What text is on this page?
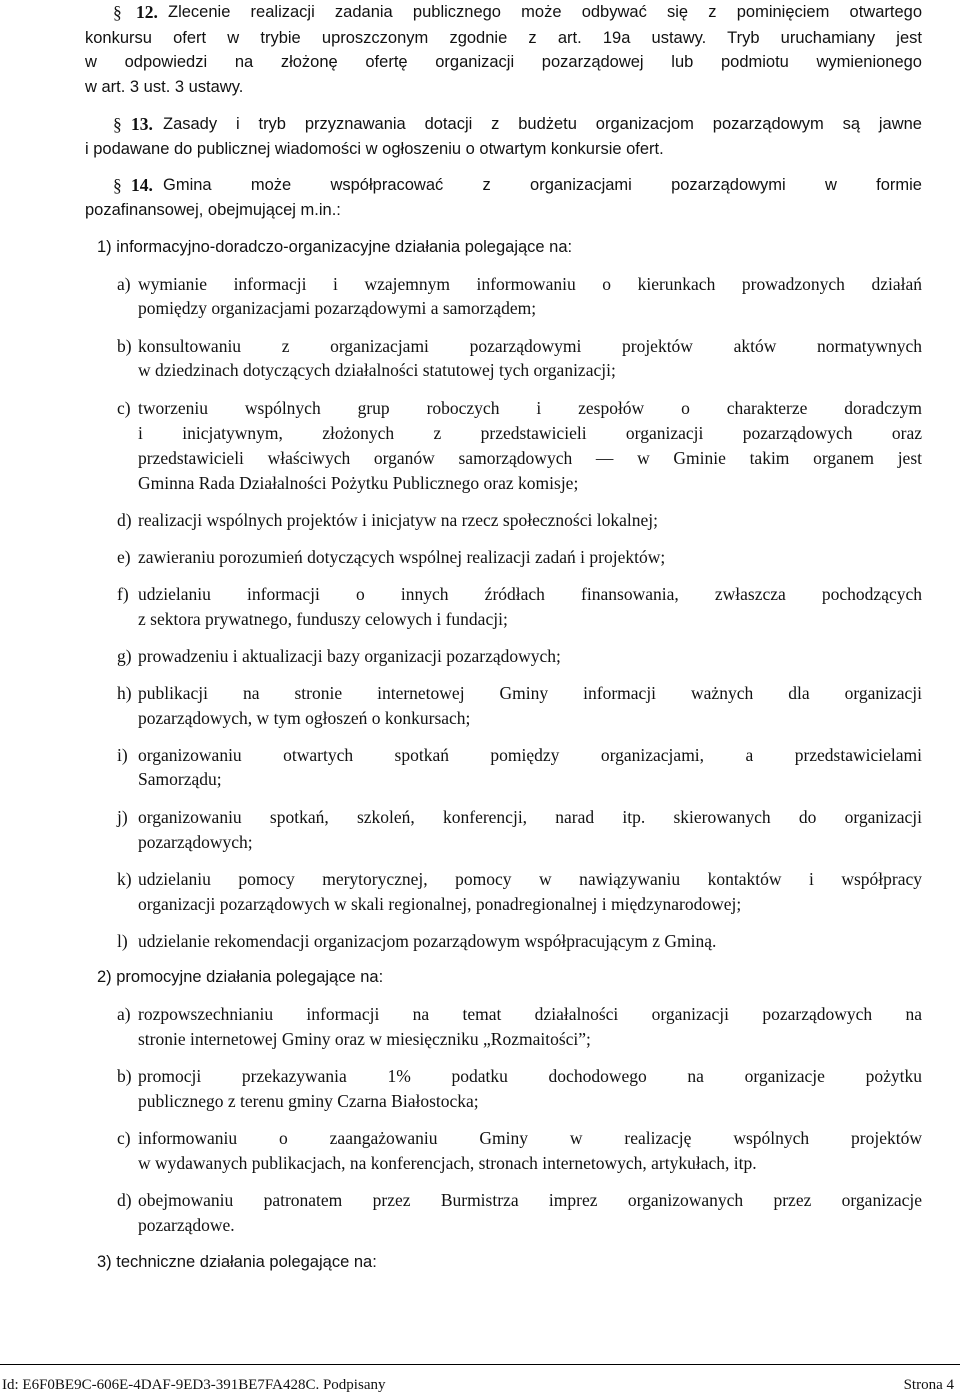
§ 12. Zlecenie realizacji zadania publicznego może odbywać się z pominięciem otwartego
konkursu ofert w trybie uproszczonym zgodnie z art. 19a ustawy. Tryb uruchamiany jest
w odpowiedzi na złożonę ofertę organizacji pozarządowej lub podmiotu wymienionego
w art. 3 ust. 3 ustawy.
§ 13. Zasady i tryb przyznawania dotacji z budżetu organizacjom pozarządowym są jawne
i podawane do publicznej wiadomości w ogłoszeniu o otwartym konkursie ofert.
§ 14. Gmina może współpracować z organizacjami pozarządowymi w formie
pozafinansowej, obejmującej m.in.:
1) informacyjno-doradczo-organizacyjne działania polegające na:
a) wymianie informacji i wzajemnym informowaniu o kierunkach prowadzonych działań
pomiędzy organizacjami pozarządowymi a samorządem;
b) konsultowaniu z organizacjami pozarządowymi projektów aktów normatywnych
w dziedzinach dotyczących działalności statutowej tych organizacji;
c) tworzeniu wspólnych grup roboczych i zespołów o charakterze doradczym
i inicjatywnym, złożonych z przedstawicieli organizacji pozarządowych oraz
przedstawicieli właściwych organów samorządowych — w Gminie takim organem jest
Gminna Rada Działalności Pożytku Publicznego oraz komisje;
d) realizacji wspólnych projektów i inicjatyw na rzecz społeczności lokalnej;
e) zawieraniu porozumień dotyczących wspólnej realizacji zadań i projektów;
f) udzielaniu informacji o innych źródłach finansowania, zwłaszcza pochodzących
z sektora prywatnego, funduszy celowych i fundacji;
g) prowadzeniu i aktualizacji bazy organizacji pozarządowych;
h) publikacji na stronie internetowej Gminy informacji ważnych dla organizacji
pozarządowych, w tym ogłoszeń o konkursach;
i) organizowaniu otwartych spotkań pomiędzy organizacjami, a przedstawicielami
Samorządu;
j) organizowaniu spotkań, szkoleń, konferencji, narad itp. skierowanych do organizacji
pozarządowych;
k) udzielaniu pomocy merytorycznej, pomocy w nawiązywaniu kontaktów i współpracy
organizacji pozarządowych w skali regionalnej, ponadregionalnej i międzynarodowej;
l) udzielanie rekomendacji organizacjom pozarządowym współpracującym z Gminą.
2) promocyjne działania polegające na:
a) rozpowszechnianiu informacji na temat działalności organizacji pozarządowych na
stronie internetowej Gminy oraz w miesięczniku „Rozmaitości”;
b) promocji przekazywania 1% podatku dochodowego na organizacje pożytku
publicznego z terenu gminy Czarna Białostocka;
c) informowaniu o zaangażowaniu Gminy w realizację wspólnych projektów
w wydawanych publikacjach, na konferencjach, stronach internetowych, artykułach, itp.
d) obejmowaniu patronatem przez Burmistrza imprez organizowanych przez organizacje
pozarządowe.
3) techniczne działania polegające na:
Id: E6F0BE9C-606E-4DAF-9ED3-391BE7FA428C. Podpisany	Strona 4
